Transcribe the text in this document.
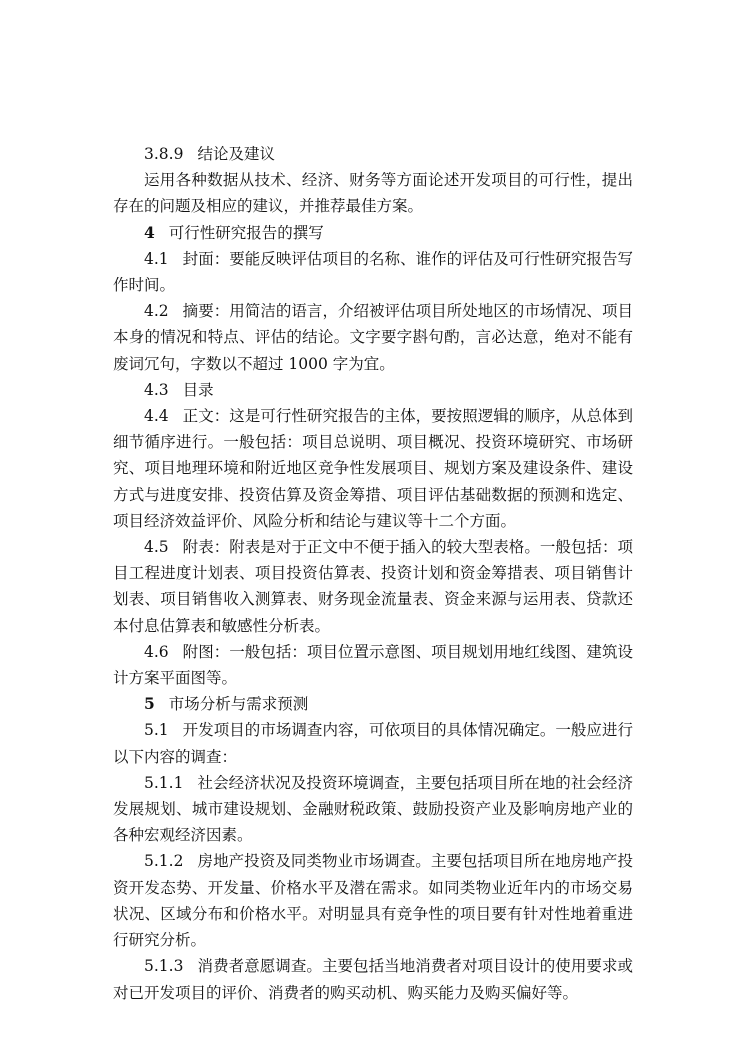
3.8.9 结论及建议

运用各种数据从技术、经济、财务等方面论述开发项目的可行性，提出存在的问题及相应的建议，并推荐最佳方案。

4 可行性研究报告的撰写

4.1 封面：要能反映评估项目的名称、谁作的评估及可行性研究报告写作时间。

4.2 摘要：用简洁的语言，介绍被评估项目所处地区的市场情况、项目本身的情况和特点、评估的结论。文字要字斟句酌，言必达意，绝对不能有废词冗句，字数以不超过 1000 字为宜。

4.3 目录

4.4 正文：这是可行性研究报告的主体，要按照逻辑的顺序，从总体到细节循序进行。一般包括：项目总说明、项目概况、投资环境研究、市场研究、项目地理环境和附近地区竞争性发展项目、规划方案及建设条件、建设方式与进度安排、投资估算及资金筹措、项目评估基础数据的预测和选定、项目经济效益评价、风险分析和结论与建议等十二个方面。

4.5 附表：附表是对于正文中不便于插入的较大型表格。一般包括：项目工程进度计划表、项目投资估算表、投资计划和资金筹措表、项目销售计划表、项目销售收入测算表、财务现金流量表、资金来源与运用表、贷款还本付息估算表和敏感性分析表。

4.6 附图：一般包括：项目位置示意图、项目规划用地红线图、建筑设计方案平面图等。

5 市场分析与需求预测

5.1 开发项目的市场调查内容，可依项目的具体情况确定。一般应进行以下内容的调查：

5.1.1 社会经济状况及投资环境调查，主要包括项目所在地的社会经济发展规划、城市建设规划、金融财税政策、鼓励投资产业及影响房地产业的各种宏观经济因素。

5.1.2 房地产投资及同类物业市场调查。主要包括项目所在地房地产投资开发态势、开发量、价格水平及潜在需求。如同类物业近年内的市场交易状况、区域分布和价格水平。对明显具有竞争性的项目要有针对性地着重进行研究分析。

5.1.3 消费者意愿调查。主要包括当地消费者对项目设计的使用要求或对已开发项目的评价、消费者的购买动机、购买能力及购买偏好等。
